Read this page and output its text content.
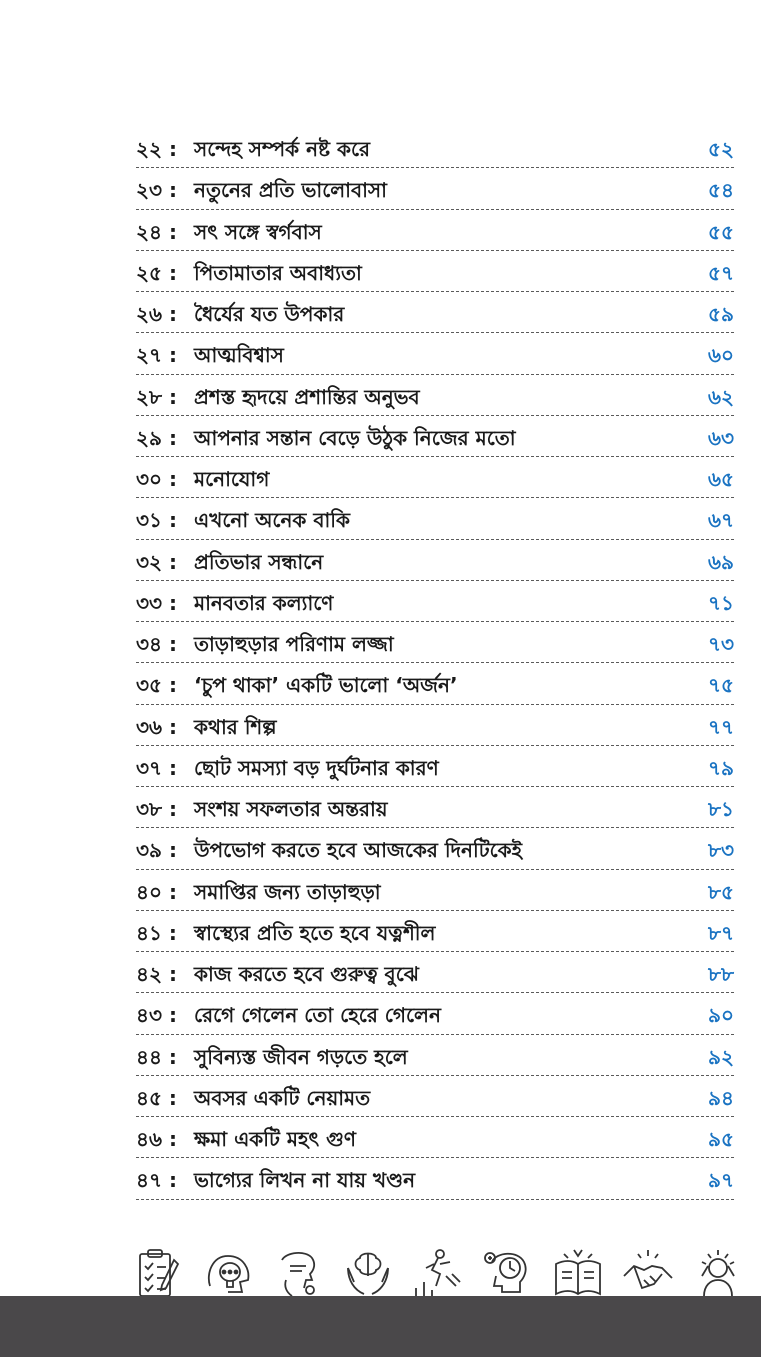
২২ : সন্দেহ সম্পর্ক নষ্ট করে	৫২
২৩ : নতুনের প্রতি ভালোবাসা	৫৪
২৪ : সৎ সঙ্গে স্বর্গবাস	৫৫
২৫ : পিতামাতার অবাধ্যতা	৫৭
২৬ : ধৈর্যের যত উপকার	৫৯
২৭ : আত্মবিশ্বাস	৬০
২৮ : প্রশস্ত হৃদয়ে প্রশান্তির অনুভব	৬২
২৯ : আপনার সন্তান বেড়ে উঠুক নিজের মতো	৬৩
৩০ : মনোযোগ	৬৫
৩১ : এখনো অনেক বাকি	৬৭
৩২ : প্রতিভার সন্ধানে	৬৯
৩৩ : মানবতার কল্যাণে	৭১
৩৪ : তাড়াহুড়ার পরিণাম লজ্জা	৭৩
৩৫ : ‘চুপ থাকা’ একটি ভালো ‘অর্জন’	৭৫
৩৬ : কথার শিল্প	৭৭
৩৭ : ছোট সমস্যা বড় দুর্ঘটনার কারণ	৭৯
৩৮ : সংশয় সফলতার অন্তরায়	৮১
৩৯ : উপভোগ করতে হবে আজকের দিনটিকেই	৮৩
৪০ : সমাপ্তির জন্য তাড়াহুড়া	৮৫
৪১ : স্বাস্থ্যের প্রতি হতে হবে যত্নশীল	৮৭
৪২ : কাজ করতে হবে গুরুত্ব বুঝে	৮৮
৪৩ : রেগে গেলেন তো হেরে গেলেন	৯০
৪৪ : সুবিন্যস্ত জীবন গড়তে হলে	৯২
৪৫ : অবসর একটি নেয়ামত	৯৪
৪৬ : ক্ষমা একটি মহৎ গুণ	৯৫
৪৭ : ভাগ্যের লিখন না যায় খণ্ডন	৯৭
